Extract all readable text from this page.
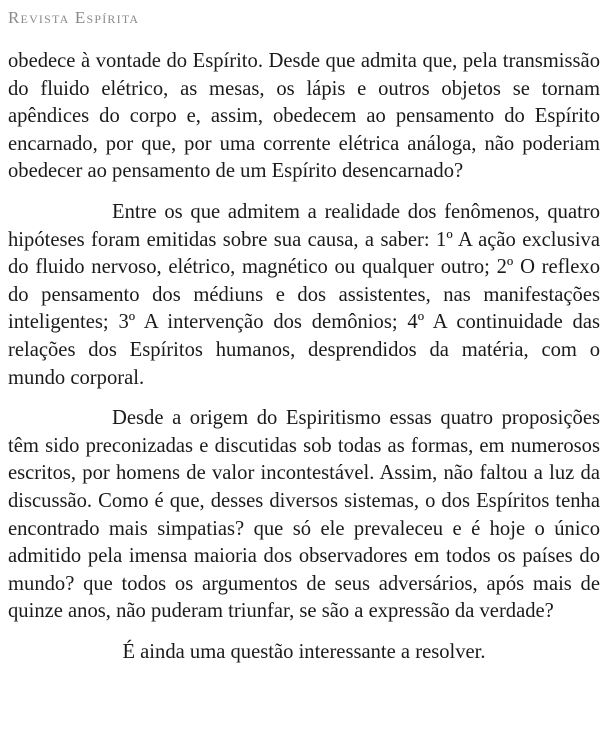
Revista Espírita

obedece à vontade do Espírito. Desde que admita que, pela transmissão do fluido elétrico, as mesas, os lápis e outros objetos se tornam apêndices do corpo e, assim, obedecem ao pensamento do Espírito encarnado, por que, por uma corrente elétrica análoga, não poderiam obedecer ao pensamento de um Espírito desencarnado?

Entre os que admitem a realidade dos fenômenos, quatro hipóteses foram emitidas sobre sua causa, a saber: 1º A ação exclusiva do fluido nervoso, elétrico, magnético ou qualquer outro; 2º O reflexo do pensamento dos médiuns e dos assistentes, nas manifestações inteligentes; 3º A intervenção dos demônios; 4º A continuidade das relações dos Espíritos humanos, desprendidos da matéria, com o mundo corporal.

Desde a origem do Espiritismo essas quatro proposições têm sido preconizadas e discutidas sob todas as formas, em numerosos escritos, por homens de valor incontestável. Assim, não faltou a luz da discussão. Como é que, desses diversos sistemas, o dos Espíritos tenha encontrado mais simpatias? que só ele prevaleceu e é hoje o único admitido pela imensa maioria dos observadores em todos os países do mundo? que todos os argumentos de seus adversários, após mais de quinze anos, não puderam triunfar, se são a expressão da verdade?

É ainda uma questão interessante a resolver.
